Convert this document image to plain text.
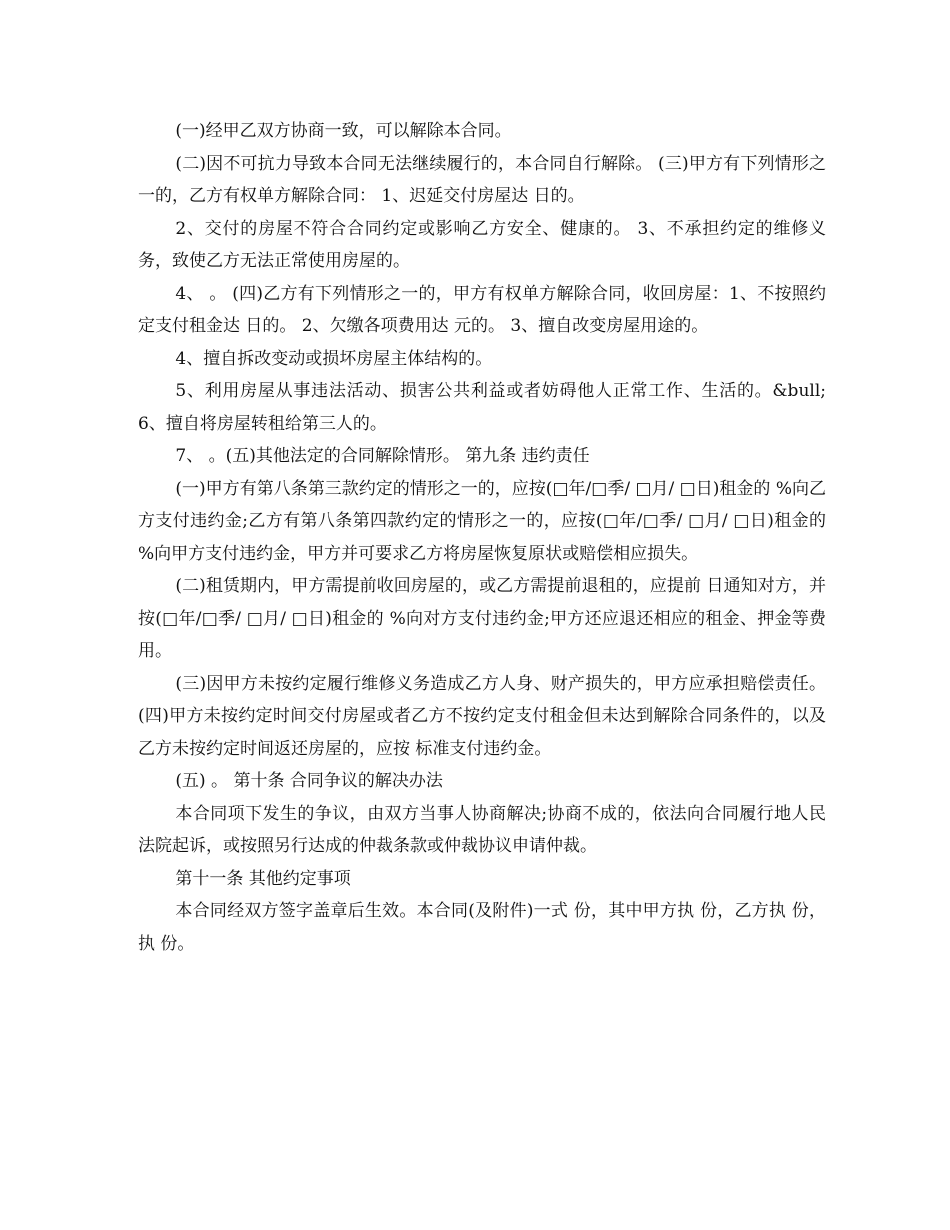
(一)经甲乙双方协商一致，可以解除本合同。

(二)因不可抗力导致本合同无法继续履行的，本合同自行解除。 (三)甲方有下列情形之一的，乙方有权单方解除合同： 1、迟延交付房屋达 日的。

2、交付的房屋不符合合同约定或影响乙方安全、健康的。 3、不承担约定的维修义务，致使乙方无法正常使用房屋的。

4、 。 (四)乙方有下列情形之一的，甲方有权单方解除合同，收回房屋：1、不按照约定支付租金达 日的。 2、欠缴各项费用达 元的。 3、擅自改变房屋用途的。

4、擅自拆改变动或损坏房屋主体结构的。

5、利用房屋从事违法活动、损害公共利益或者妨碍他人正常工作、生活的。&bull; 6、擅自将房屋转租给第三人的。

7、 。(五)其他法定的合同解除情形。 第九条 违约责任

(一)甲方有第八条第三款约定的情形之一的，应按(□年/□季/ □月/ □日)租金的 %向乙方支付违约金;乙方有第八条第四款约定的情形之一的，应按(□年/□季/ □月/ □日)租金的 %向甲方支付违约金，甲方并可要求乙方将房屋恢复原状或赔偿相应损失。

(二)租赁期内，甲方需提前收回房屋的，或乙方需提前退租的，应提前 日通知对方，并按(□年/□季/ □月/ □日)租金的 %向对方支付违约金;甲方还应退还相应的租金、押金等费用。

(三)因甲方未按约定履行维修义务造成乙方人身、财产损失的，甲方应承担赔偿责任。 (四)甲方未按约定时间交付房屋或者乙方不按约定支付租金但未达到解除合同条件的，以及乙方未按约定时间返还房屋的，应按 标准支付违约金。

(五) 。 第十条 合同争议的解决办法

本合同项下发生的争议，由双方当事人协商解决;协商不成的，依法向合同履行地人民法院起诉，或按照另行达成的仲裁条款或仲裁协议申请仲裁。

第十一条 其他约定事项

本合同经双方签字盖章后生效。本合同(及附件)一式 份，其中甲方执 份，乙方执 份， 执 份。
